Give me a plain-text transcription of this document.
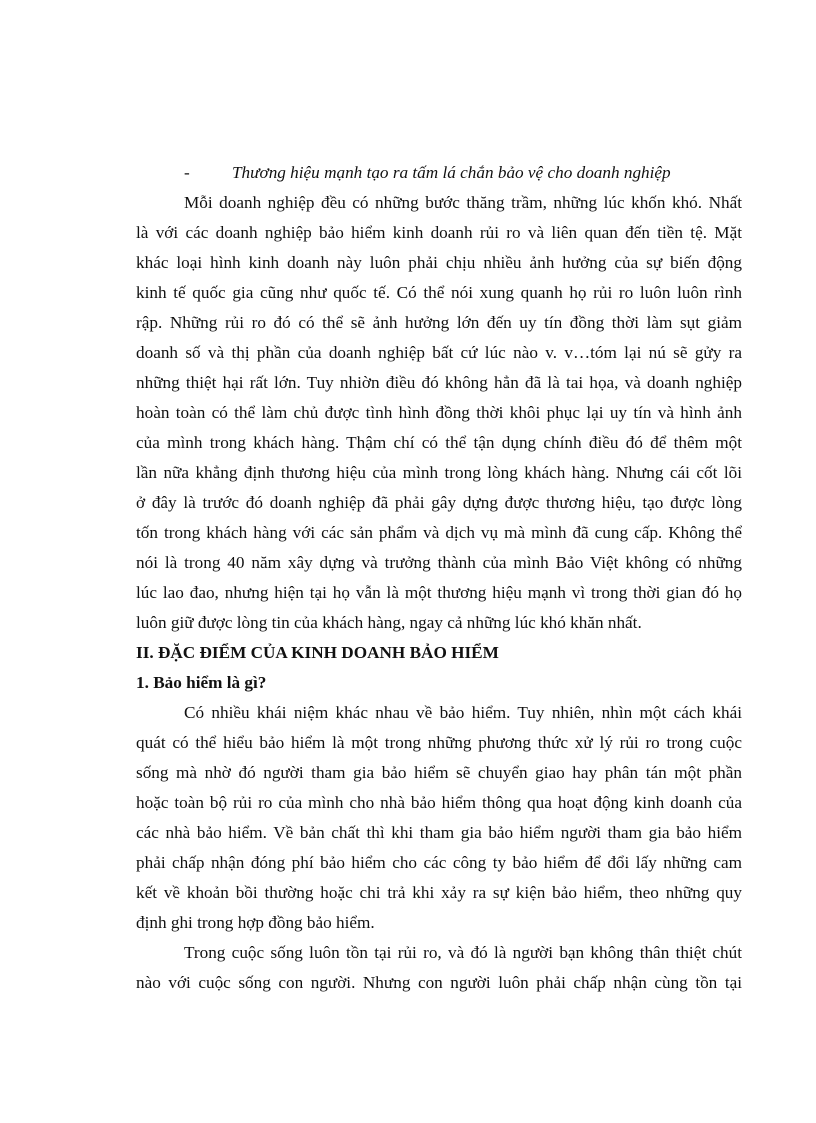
- Thương hiệu mạnh tạo ra tấm lá chắn bảo vệ cho doanh nghiệp
Mỗi doanh nghiệp đều có những bước thăng trầm, những lúc khốn khó. Nhất
là với các doanh nghiệp bảo hiểm kinh doanh rủi ro và liên quan đến tiền tệ. Mặt
khác loại hình kinh doanh này luôn phải chịu nhiều ảnh hưởng của sự biến động
kinh tế quốc gia cũng như quốc tế. Có thể nói xung quanh họ rủi ro luôn luôn rình
rập. Những rủi ro đó có thể sẽ ảnh hưởng lớn đến uy tín đồng thời làm sụt giảm
doanh số và thị phần của doanh nghiệp bất cứ lúc nào v. v…tóm lại nú sẽ gửy ra
những thiệt hại rất lớn. Tuy nhiờn điều đó không hẳn đã là tai họa, và doanh nghiệp
hoàn toàn có thể làm chủ được tình hình đồng thời khôi phục lại uy tín và hình ảnh
của mình trong khách hàng. Thậm chí có thể tận dụng chính điều đó để thêm một
lần nữa khẳng định thương hiệu của mình trong lòng khách hàng. Nhưng cái cốt lõi
ở đây là trước đó doanh nghiệp đã phải gây dựng được thương hiệu, tạo được lòng
tốn trong khách hàng với các sản phẩm và dịch vụ mà mình đã cung cấp. Không thể
nói là trong 40 năm xây dựng và trưởng thành của mình Bảo Việt không có những
lúc lao đao, nhưng hiện tại họ vẫn là một thương hiệu mạnh vì trong thời gian đó họ
luôn giữ được lòng tin của khách hàng, ngay cả những lúc khó khăn nhất.
II. ĐẶC ĐIỂM CỦA KINH DOANH BẢO HIỂM
1. Bảo hiểm là gì?
Có nhiều khái niệm khác nhau về bảo hiểm. Tuy nhiên, nhìn một cách khái
quát có thể hiểu bảo hiểm là một trong những phương thức xử lý rủi ro trong cuộc
sống mà nhờ đó người tham gia bảo hiểm sẽ chuyển giao hay phân tán một phần
hoặc toàn bộ rủi ro của mình cho nhà bảo hiểm thông qua hoạt động kinh doanh của
các nhà bảo hiểm. Về bản chất thì khi tham gia bảo hiểm người tham gia bảo hiểm
phải chấp nhận đóng phí bảo hiểm cho các công ty bảo hiểm để đổi lấy những cam
kết về khoản bồi thường hoặc chi trả khi xảy ra sự kiện bảo hiểm, theo những quy
định ghi trong hợp đồng bảo hiểm.
Trong cuộc sống luôn tồn tại rủi ro, và đó là người bạn không thân thiệt chút
nào với cuộc sống con người. Nhưng con người luôn phải chấp nhận cùng tồn tại
